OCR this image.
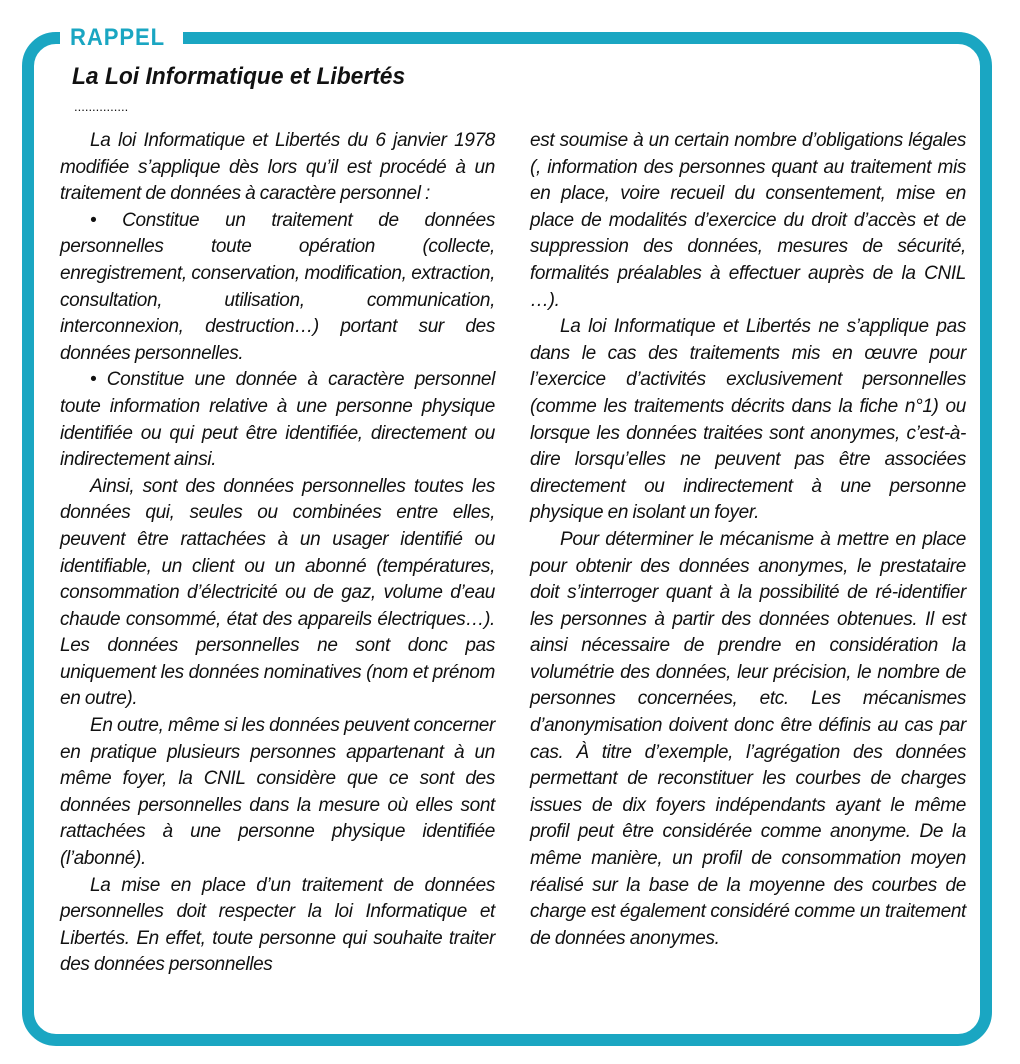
RAPPEL
La Loi Informatique et Libertés
...............

La loi Informatique et Libertés du 6 janvier 1978 modifiée s’applique dès lors qu’il est procédé à un traitement de données à caractère personnel :

• Constitue un traitement de données personnelles toute opération (collecte, enregistrement, conservation, modification, extraction, consultation, utilisation, communication, interconnexion, destruction…) portant sur des données personnelles.

• Constitue une donnée à caractère personnel toute information relative à une personne physique identifiée ou qui peut être identifiée, directement ou indirectement ainsi.

Ainsi, sont des données personnelles toutes les données qui, seules ou combinées entre elles, peuvent être rattachées à un usager identifié ou identifiable, un client ou un abonné (températures, consommation d’électricité ou de gaz, volume d’eau chaude consommé, état des appareils électriques…). Les données personnelles ne sont donc pas uniquement les données nominatives (nom et prénom en outre).

En outre, même si les données peuvent concerner en pratique plusieurs personnes appartenant à un même foyer, la CNIL considère que ce sont des données personnelles dans la mesure où elles sont rattachées à une personne physique identifiée (l’abonné).

La mise en place d’un traitement de données personnelles doit respecter la loi Informatique et Libertés. En effet, toute personne qui souhaite traiter des données personnelles

est soumise à un certain nombre d’obligations légales (, information des personnes quant au traitement mis en place, voire recueil du consentement, mise en place de modalités d’exercice du droit d’accès et de suppression des données, mesures de sécurité, formalités préalables à effectuer auprès de la CNIL …).

La loi Informatique et Libertés ne s’applique pas dans le cas des traitements mis en œuvre pour l’exercice d’activités exclusivement personnelles (comme les traitements décrits dans la fiche n°1) ou lorsque les données traitées sont anonymes, c’est-à-dire lorsqu’elles ne peuvent pas être associées directement ou indirectement à une personne physique en isolant un foyer.

Pour déterminer le mécanisme à mettre en place pour obtenir des données anonymes, le prestataire doit s’interroger quant à la possibilité de ré-identifier les personnes à partir des données obtenues. Il est ainsi nécessaire de prendre en considération la volumétrie des données, leur précision, le nombre de personnes concernées, etc. Les mécanismes d’anonymisation doivent donc être définis au cas par cas. À titre d’exemple, l’agrégation des données permettant de reconstituer les courbes de charges issues de dix foyers indépendants ayant le même profil peut être considérée comme anonyme. De la même manière, un profil de consommation moyen réalisé sur la base de la moyenne des courbes de charge est également considéré comme un traitement de données anonymes.
